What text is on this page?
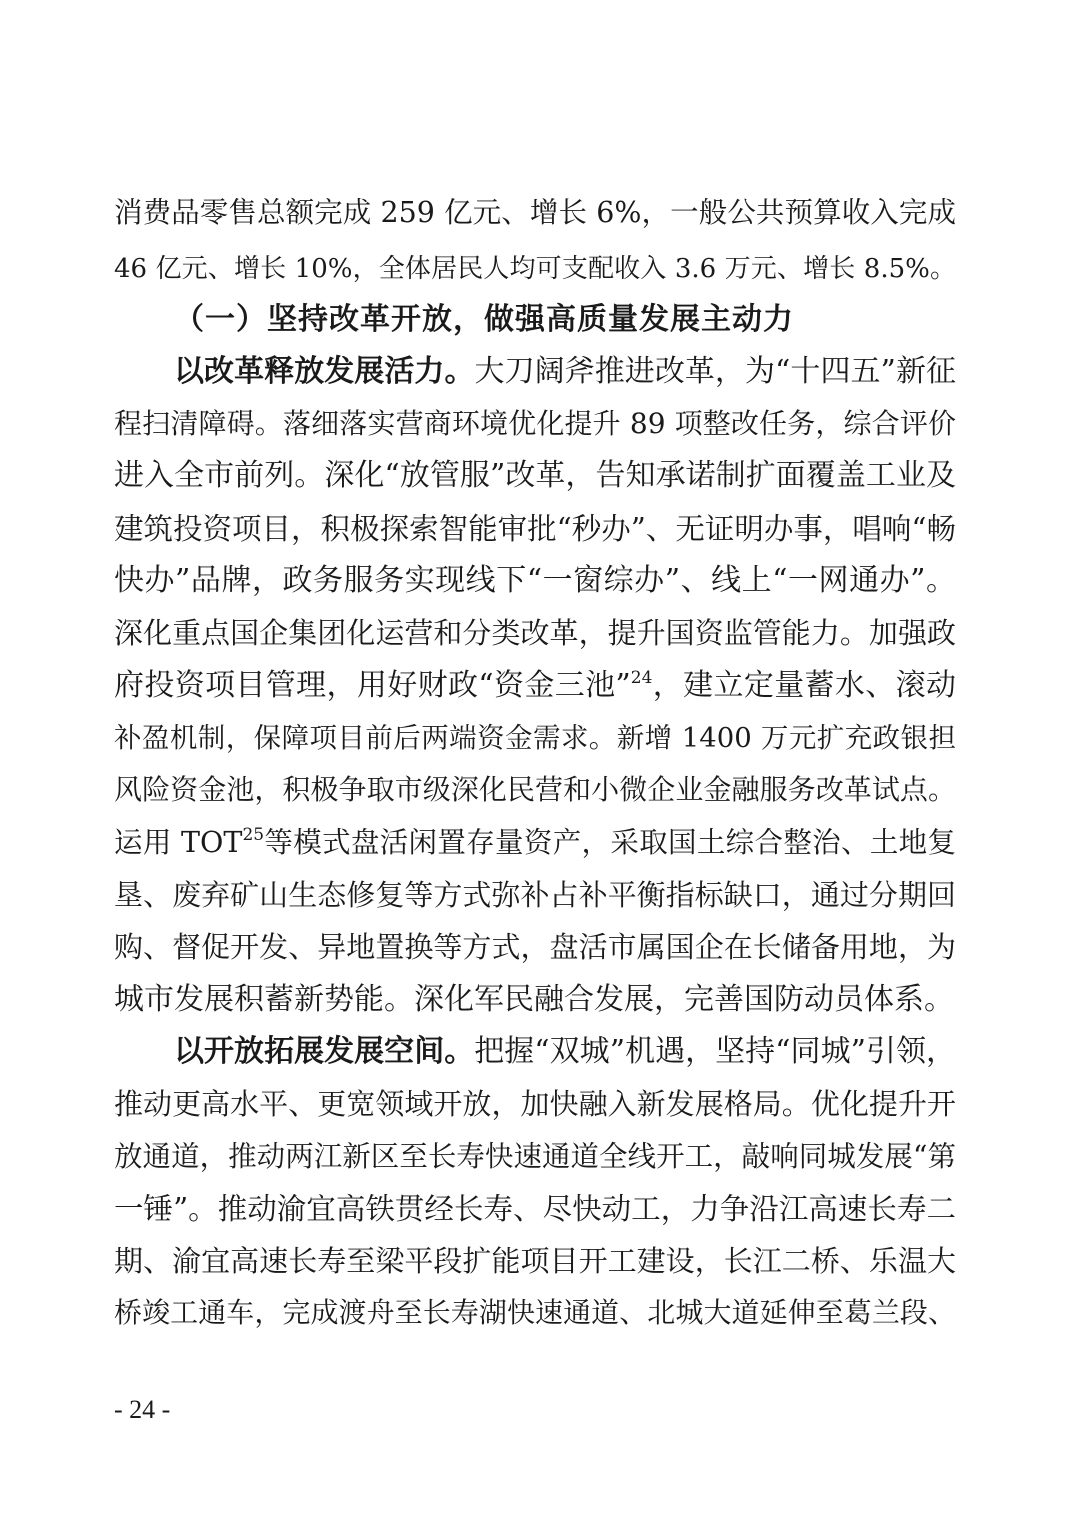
消费品零售总额完成 259 亿元、增长 6%，一般公共预算收入完成
46 亿元、增长 10%，全体居民人均可支配收入 3.6 万元、增长 8.5%。
（一）坚持改革开放，做强高质量发展主动力
以改革释放发展活力。大刀阔斧推进改革，为“十四五”新征
程扫清障碍。落细落实营商环境优化提升 89 项整改任务，综合评价
进入全市前列。深化“放管服”改革，告知承诺制扩面覆盖工业及
建筑投资项目，积极探索智能审批“秒办”、无证明办事，唱响“畅
快办”品牌，政务服务实现线下“一窗综办”、线上“一网通办”。
深化重点国企集团化运营和分类改革，提升国资监管能力。加强政
府投资项目管理，用好财政“资金三池”$^{24}$，建立定量蓄水、滚动
补盈机制，保障项目前后两端资金需求。新增 1400 万元扩充政银担
风险资金池，积极争取市级深化民营和小微企业金融服务改革试点。
运用 TOT$^{25}$等模式盘活闲置存量资产，采取国土综合整治、土地复
垦、废弃矿山生态修复等方式弥补占补平衡指标缺口，通过分期回
购、督促开发、异地置换等方式，盘活市属国企在长储备用地，为
城市发展积蓄新势能。深化军民融合发展，完善国防动员体系。
以开放拓展发展空间。把握“双城”机遇，坚持“同城”引领，
推动更高水平、更宽领域开放，加快融入新发展格局。优化提升开
放通道，推动两江新区至长寿快速通道全线开工，敲响同城发展“第
一锤”。推动渝宜高铁贯经长寿、尽快动工，力争沿江高速长寿二
期、渝宜高速长寿至梁平段扩能项目开工建设，长江二桥、乐温大
桥竣工通车，完成渡舟至长寿湖快速通道、北城大道延伸至葛兰段、
- 24 -
